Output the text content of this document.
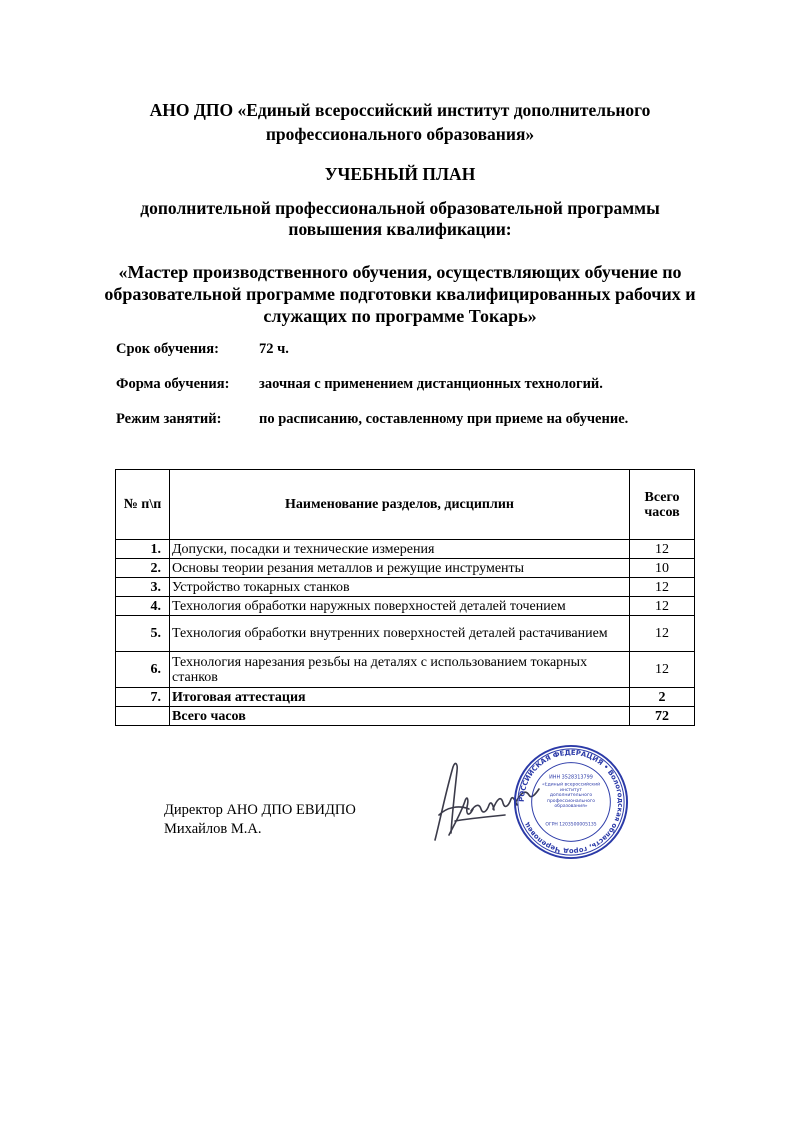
АНО ДПО «Единый всероссийский институт дополнительного
профессионального образования»
УЧЕБНЫЙ ПЛАН
дополнительной профессиональной образовательной программы
повышения квалификации:
«Мастер производственного обучения, осуществляющих обучение по
образовательной программе подготовки квалифицированных рабочих и
служащих по программе Токарь»
Срок обучения:	72 ч.
Форма обучения: заочная с применением дистанционных технологий.
Режим занятий:	по расписанию, составленному при приеме на обучение.
№ п\п	Наименование разделов, дисциплин	Всего
часов
1.	Допуски, посадки и технические измерения	12
2.	Основы теории резания металлов и режущие инструменты	10
3.	Устройство токарных станков	12
4.	Технология обработки наружных поверхностей деталей точением	12
5.	Технология обработки внутренних поверхностей деталей растачиванием	12
6.	Технология нарезания резьбы на деталях с использованием токарных станков	12
7.	Итоговая аттестация	2
	Всего часов	72
Директор АНО ДПО ЕВИДПО
Михайлов М.А.
РОССИЙСКАЯ ФЕДЕРАЦИЯ • Вологодская область, город Череповец
ИНН 3528313799
«Единый всероссийский институт дополнительного профессионального образования»
ОГРН 1203500005135
